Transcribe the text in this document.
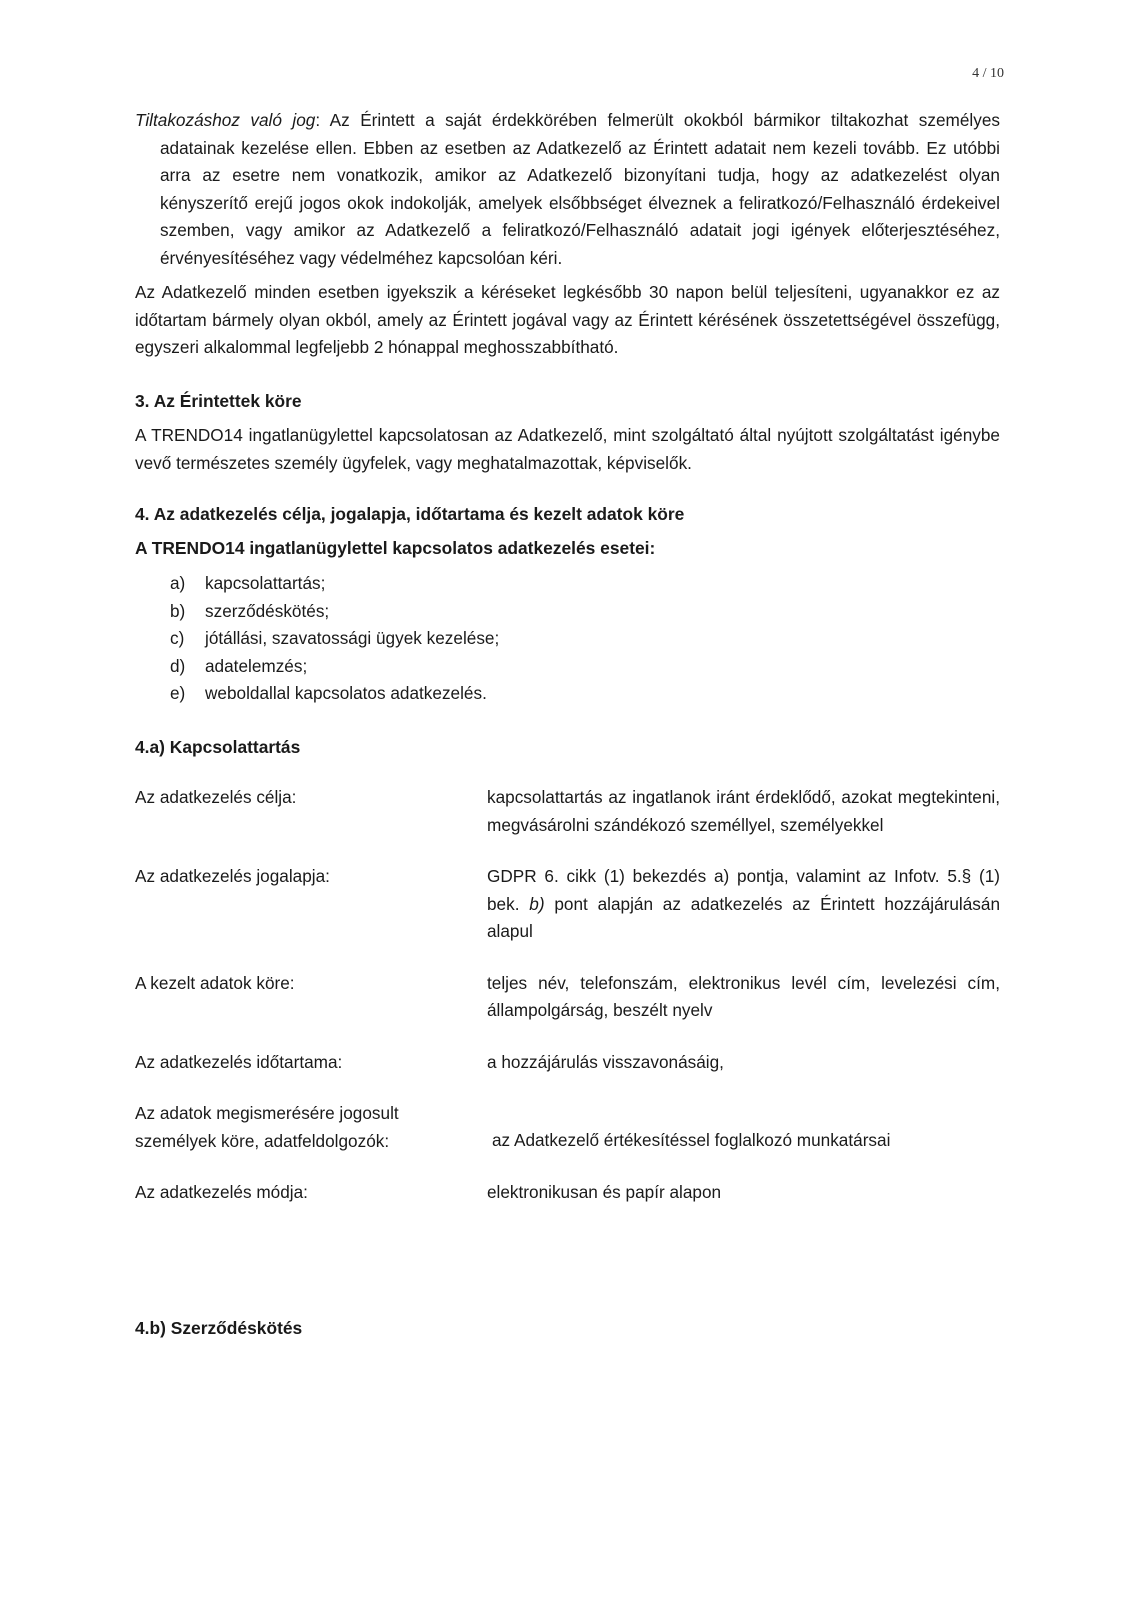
4 / 10

Tiltakozáshoz való jog: Az Érintett a saját érdekkörében felmerült okokból bármikor tiltakozhat személyes adatainak kezelése ellen. Ebben az esetben az Adatkezelő az Érintett adatait nem kezeli tovább. Ez utóbbi arra az esetre nem vonatkozik, amikor az Adatkezelő bizonyítani tudja, hogy az adatkezelést olyan kényszerítő erejű jogos okok indokolják, amelyek elsőbbséget élveznek a feliratkozó/Felhasználó érdekeivel szemben, vagy amikor az Adatkezelő a feliratkozó/Felhasználó adatait jogi igények előterjesztéséhez, érvényesítéséhez vagy védelméhez kapcsolóan kéri.

Az Adatkezelő minden esetben igyekszik a kéréseket legkésőbb 30 napon belül teljesíteni, ugyanakkor ez az időtartam bármely olyan okból, amely az Érintett jogával vagy az Érintett kérésének összetettségével összefügg, egyszeri alkalommal legfeljebb 2 hónappal meghosszabbítható.

3. Az Érintettek köre

A TRENDO14 ingatlanügylettel kapcsolatosan az Adatkezelő, mint szolgáltató által nyújtott szolgáltatást igénybe vevő természetes személy ügyfelek, vagy meghatalmazottak, képviselők.

4. Az adatkezelés célja, jogalapja, időtartama és kezelt adatok köre

A TRENDO14 ingatlanügylettel kapcsolatos adatkezelés esetei:

a)	kapcsolattartás;
b)	szerződéskötés;
c)	jótállási, szavatossági ügyek kezelése;
d)	adatelemzés;
e)	weboldallal kapcsolatos adatkezelés.

4.a) Kapcsolattartás

Az adatkezelés célja:	kapcsolattartás az ingatlanok iránt érdeklődő, azokat megtekinteni, megvásárolni szándékozó személlyel, személyekkel
Az adatkezelés jogalapja:	GDPR 6. cikk (1) bekezdés a) pontja, valamint az Infotv. 5.§ (1) bek. b) pont alapján az adatkezelés az Érintett hozzájárulásán alapul
A kezelt adatok köre:	teljes név, telefonszám, elektronikus levél cím, levelezési cím, állampolgárság, beszélt nyelv
Az adatkezelés időtartama:	a hozzájárulás visszavonásáig,
Az adatok megismerésére jogosult
személyek köre, adatfeldolgozók:	az Adatkezelő értékesítéssel foglalkozó munkatársai
Az adatkezelés módja:	elektronikusan és papír alapon

4.b) Szerződéskötés
